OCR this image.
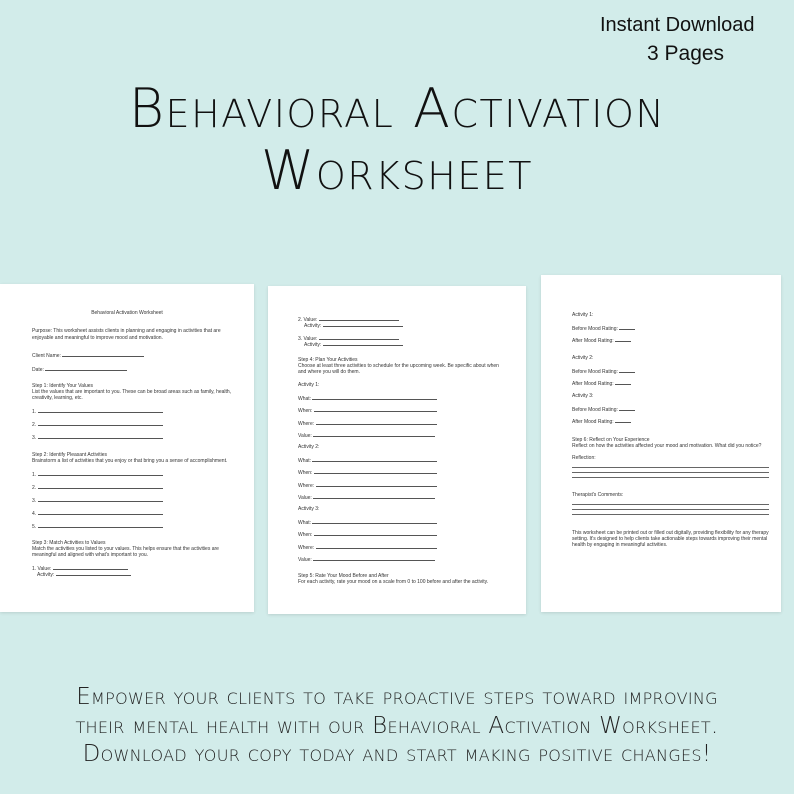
Instant Download
3 Pages
Behavioral Activation
Worksheet
Behavioral Activation Worksheet
Purpose: This worksheet assists clients in planning and engaging in activities that are
enjoyable and meaningful to improve mood and motivation.
Client Name:
Date:
Step 1: Identify Your Values
List the values that are important to you. These can be broad areas such as family, health,
creativity, learning, etc.
1.
2.
3.
Step 2: Identify Pleasant Activities
Brainstorm a list of activities that you enjoy or that bring you a sense of accomplishment.
1.
2.
3.
4.
5.
Step 3: Match Activities to Values
Match the activities you listed to your values. This helps ensure that the activities are
meaningful and aligned with what's important to you.
1. Value:
Activity:
2. Value:
Activity:
3. Value:
Activity:
Step 4: Plan Your Activities
Choose at least three activities to schedule for the upcoming week. Be specific about when
and where you will do them.
Activity 1:
What:
When:
Where:
Value:
Activity 2:
What:
When:
Where:
Value:
Activity 3:
What:
When:
Where:
Value:
Step 5: Rate Your Mood Before and After
For each activity, rate your mood on a scale from 0 to 100 before and after the activity.
Activity 1:
Before Mood Rating:
After Mood Rating:
Activity 2:
Before Mood Rating:
After Mood Rating:
Activity 3:
Before Mood Rating:
After Mood Rating:
Step 6: Reflect on Your Experience
Reflect on how the activities affected your mood and motivation. What did you notice?
Reflection:
Therapist's Comments:
This worksheet can be printed out or filled out digitally, providing flexibility for any therapy
setting. It's designed to help clients take actionable steps towards improving their mental
health by engaging in meaningful activities.
Empower your clients to take proactive steps toward improving
their mental health with our Behavioral Activation Worksheet.
Download your copy today and start making positive changes!
